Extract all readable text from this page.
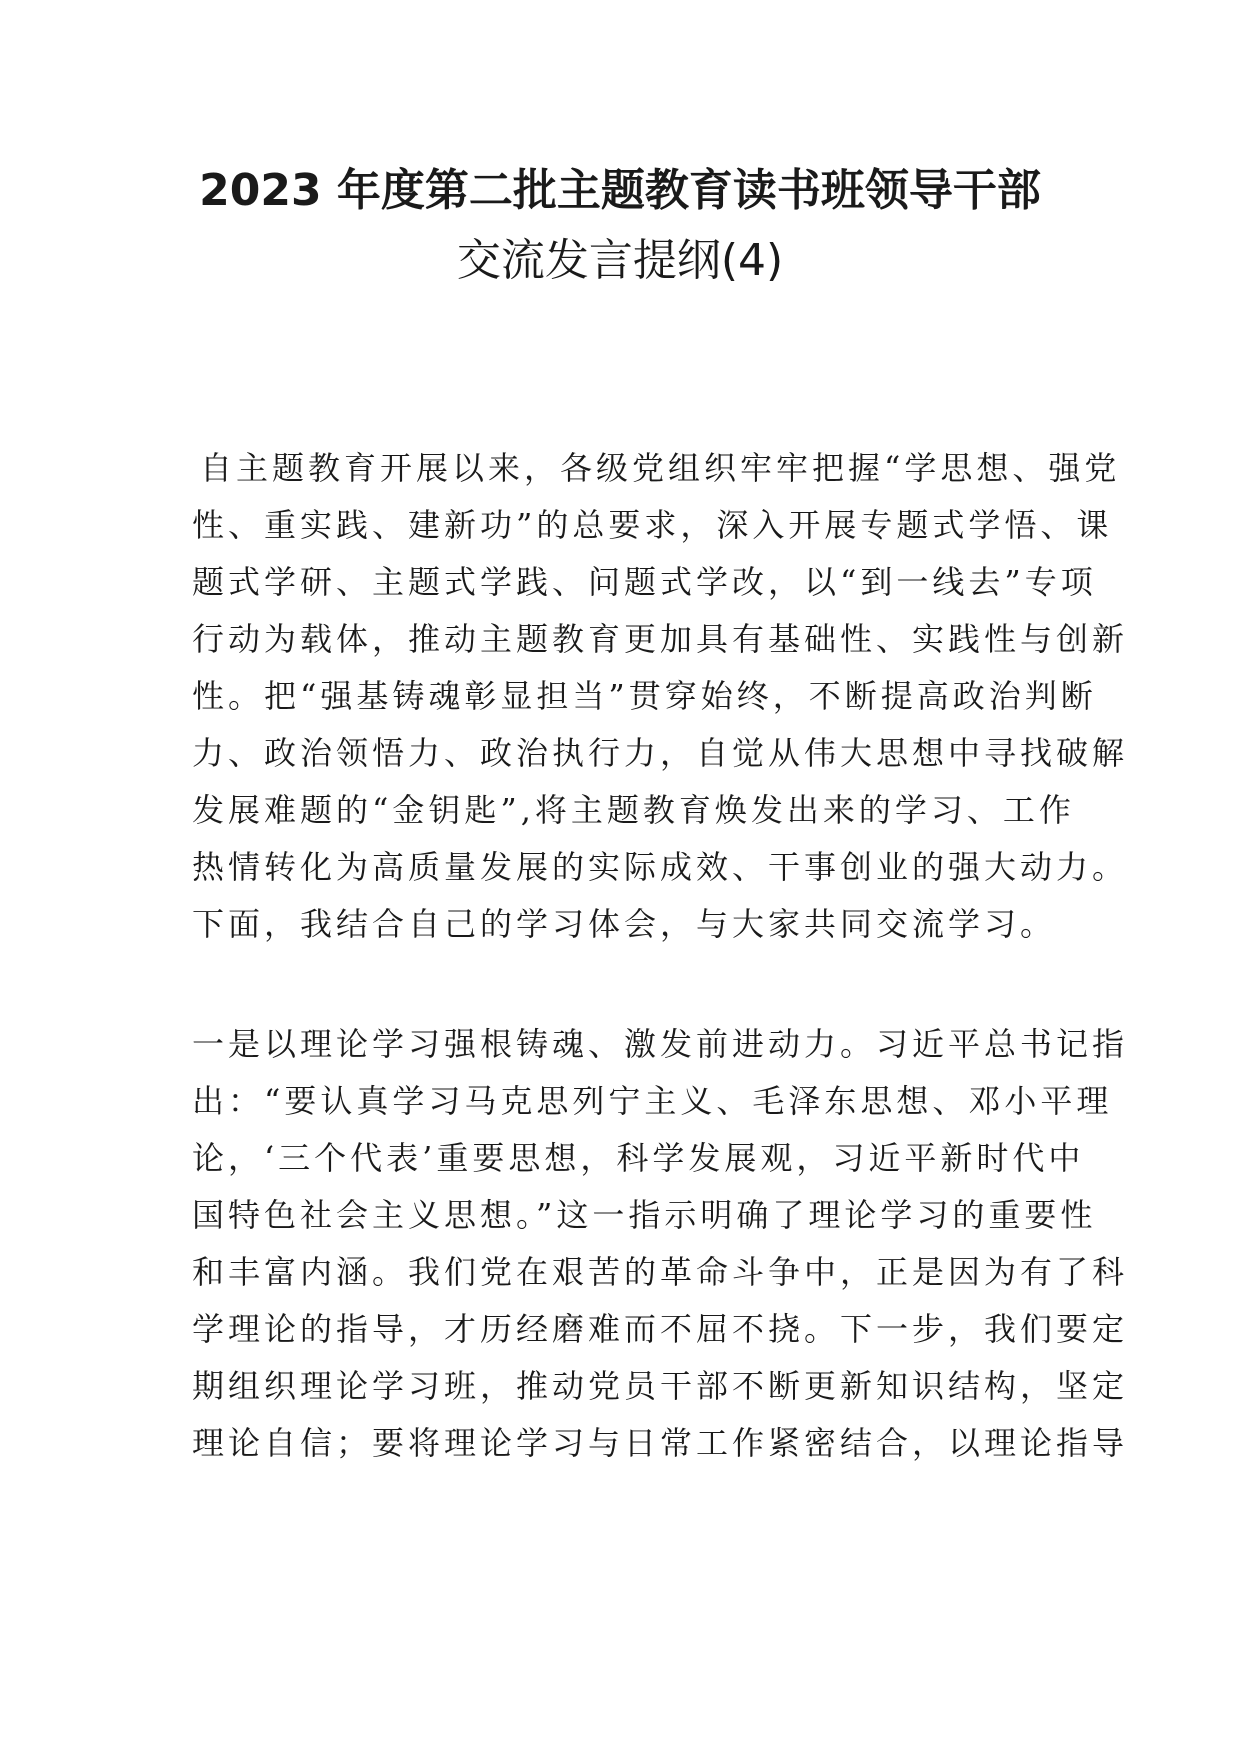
2023 年度第二批主题教育读书班领导干部
交流发言提纲(4)
自主题教育开展以来，各级党组织牢牢把握“学思想、强党
性、重实践、建新功”的总要求，深入开展专题式学悟、课
题式学研、主题式学践、问题式学改，以“到一线去”专项
行动为载体，推动主题教育更加具有基础性、实践性与创新
性。把“强基铸魂彰显担当”贯穿始终，不断提高政治判断
力、政治领悟力、政治执行力，自觉从伟大思想中寻找破解
发展难题的“金钥匙”,将主题教育焕发出来的学习、工作
热情转化为高质量发展的实际成效、干事创业的强大动力。
下面，我结合自己的学习体会，与大家共同交流学习。
一是以理论学习强根铸魂、激发前进动力。习近平总书记指
出：“要认真学习马克思列宁主义、毛泽东思想、邓小平理
论，‘三个代表’重要思想，科学发展观，习近平新时代中
国特色社会主义思想。”这一指示明确了理论学习的重要性
和丰富内涵。我们党在艰苦的革命斗争中，正是因为有了科
学理论的指导，才历经磨难而不屈不挠。下一步，我们要定
期组织理论学习班，推动党员干部不断更新知识结构，坚定
理论自信；要将理论学习与日常工作紧密结合，以理论指导
